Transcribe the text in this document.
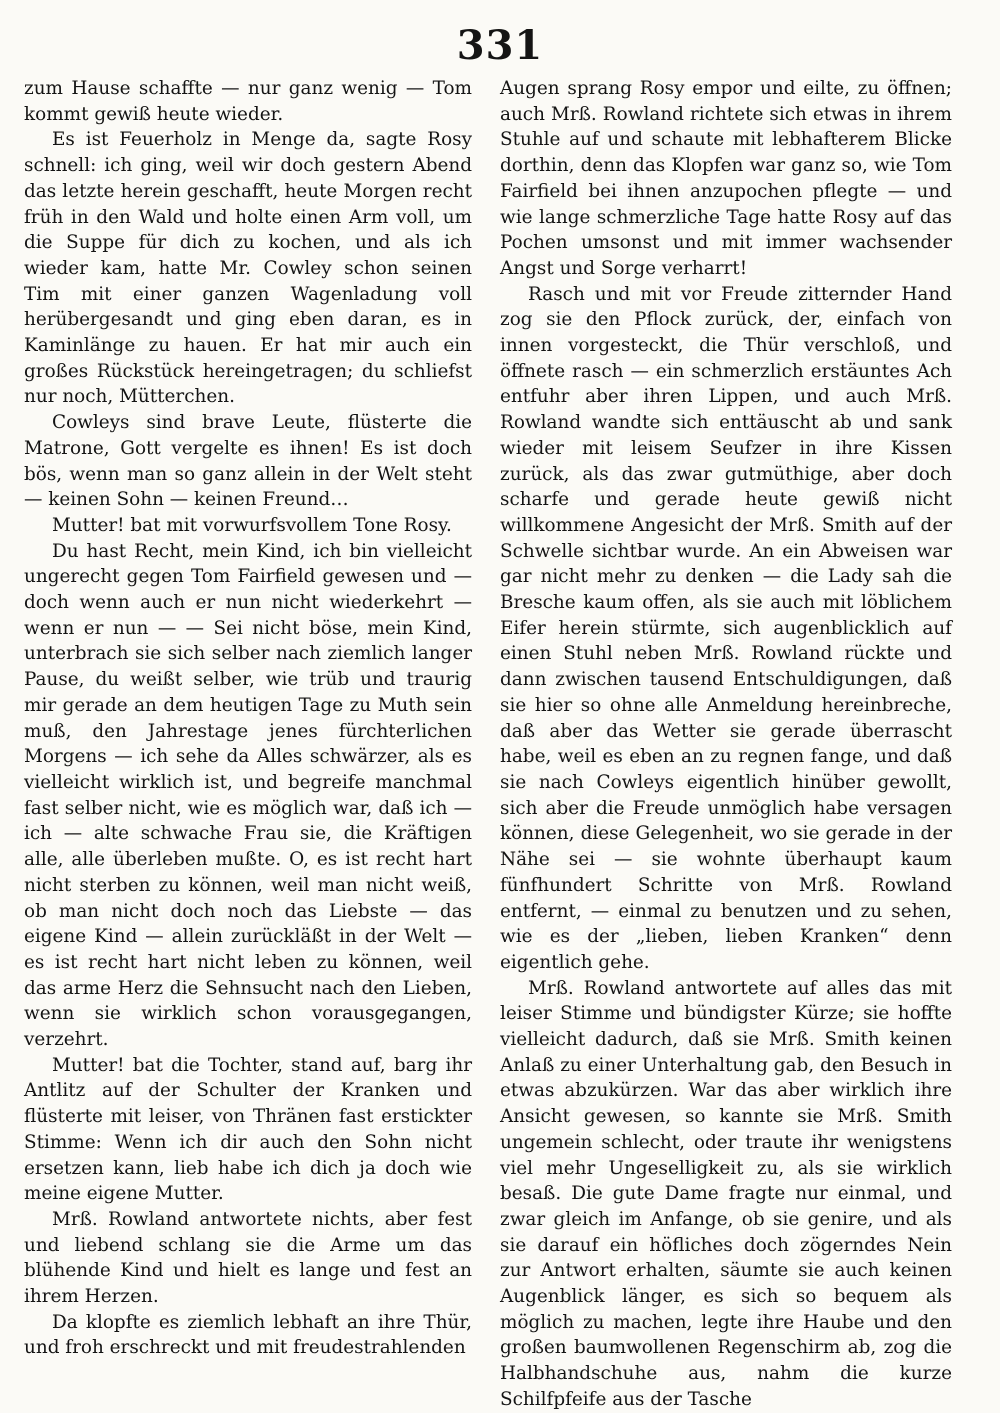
331

zum Hause schaffte — nur ganz wenig — Tom kommt gewiß heute wieder.

Es ist Feuerholz in Menge da, sagte Rosy schnell: ich ging, weil wir doch gestern Abend das letzte herein geschafft, heute Morgen recht früh in den Wald und holte einen Arm voll, um die Suppe für dich zu kochen, und als ich wieder kam, hatte Mr. Cowley schon seinen Tim mit einer ganzen Wagenladung voll herübergesandt und ging eben daran, es in Kaminlänge zu hauen. Er hat mir auch ein großes Rückstück hereingetragen; du schliefst nur noch, Mütterchen.

Cowleys sind brave Leute, flüsterte die Matrone, Gott vergelte es ihnen! Es ist doch bös, wenn man so ganz allein in der Welt steht — keinen Sohn — keinen Freund…

Mutter! bat mit vorwurfsvollem Tone Rosy.

Du hast Recht, mein Kind, ich bin vielleicht ungerecht gegen Tom Fairfield gewesen und — doch wenn auch er nun nicht wiederkehrt — wenn er nun — — Sei nicht böse, mein Kind, unterbrach sie sich selber nach ziemlich langer Pause, du weißt selber, wie trüb und traurig mir gerade an dem heutigen Tage zu Muth sein muß, den Jahrestage jenes fürchterlichen Morgens — ich sehe da Alles schwärzer, als es vielleicht wirklich ist, und begreife manchmal fast selber nicht, wie es möglich war, daß ich — ich — alte schwache Frau sie, die Kräftigen alle, alle überleben mußte. O, es ist recht hart nicht sterben zu können, weil man nicht weiß, ob man nicht doch noch das Liebste — das eigene Kind — allein zurückläßt in der Welt — es ist recht hart nicht leben zu können, weil das arme Herz die Sehnsucht nach den Lieben, wenn sie wirklich schon vorausgegangen, verzehrt.

Mutter! bat die Tochter, stand auf, barg ihr Antlitz auf der Schulter der Kranken und flüsterte mit leiser, von Thränen fast erstickter Stimme: Wenn ich dir auch den Sohn nicht ersetzen kann, lieb habe ich dich ja doch wie meine eigene Mutter.

Mrß. Rowland antwortete nichts, aber fest und liebend schlang sie die Arme um das blühende Kind und hielt es lange und fest an ihrem Herzen.

Da klopfte es ziemlich lebhaft an ihre Thür, und froh erschreckt und mit freudestrahlenden

Augen sprang Rosy empor und eilte, zu öffnen; auch Mrß. Rowland richtete sich etwas in ihrem Stuhle auf und schaute mit lebhafterem Blicke dorthin, denn das Klopfen war ganz so, wie Tom Fairfield bei ihnen anzupochen pflegte — und wie lange schmerzliche Tage hatte Rosy auf das Pochen umsonst und mit immer wachsender Angst und Sorge verharrt!

Rasch und mit vor Freude zitternder Hand zog sie den Pflock zurück, der, einfach von innen vorgesteckt, die Thür verschloß, und öffnete rasch — ein schmerzlich erstäuntes Ach entfuhr aber ihren Lippen, und auch Mrß. Rowland wandte sich enttäuscht ab und sank wieder mit leisem Seufzer in ihre Kissen zurück, als das zwar gutmüthige, aber doch scharfe und gerade heute gewiß nicht willkommene Angesicht der Mrß. Smith auf der Schwelle sichtbar wurde. An ein Abweisen war gar nicht mehr zu denken — die Lady sah die Bresche kaum offen, als sie auch mit löblichem Eifer herein stürmte, sich augenblicklich auf einen Stuhl neben Mrß. Rowland rückte und dann zwischen tausend Entschuldigungen, daß sie hier so ohne alle Anmeldung hereinbreche, daß aber das Wetter sie gerade überrascht habe, weil es eben an zu regnen fange, und daß sie nach Cowleys eigentlich hinüber gewollt, sich aber die Freude unmöglich habe versagen können, diese Gelegenheit, wo sie gerade in der Nähe sei — sie wohnte überhaupt kaum fünfhundert Schritte von Mrß. Rowland entfernt, — einmal zu benutzen und zu sehen, wie es der „lieben, lieben Kranken“ denn eigentlich gehe.

Mrß. Rowland antwortete auf alles das mit leiser Stimme und bündigster Kürze; sie hoffte vielleicht dadurch, daß sie Mrß. Smith keinen Anlaß zu einer Unterhaltung gab, den Besuch in etwas abzukürzen. War das aber wirklich ihre Ansicht gewesen, so kannte sie Mrß. Smith ungemein schlecht, oder traute ihr wenigstens viel mehr Ungeselligkeit zu, als sie wirklich besaß. Die gute Dame fragte nur einmal, und zwar gleich im Anfange, ob sie genire, und als sie darauf ein höfliches doch zögerndes Nein zur Antwort erhalten, säumte sie auch keinen Augenblick länger, es sich so bequem als möglich zu machen, legte ihre Haube und den großen baumwollenen Regenschirm ab, zog die Halbhandschuhe aus, nahm die kurze Schilfpfeife aus der Tasche
